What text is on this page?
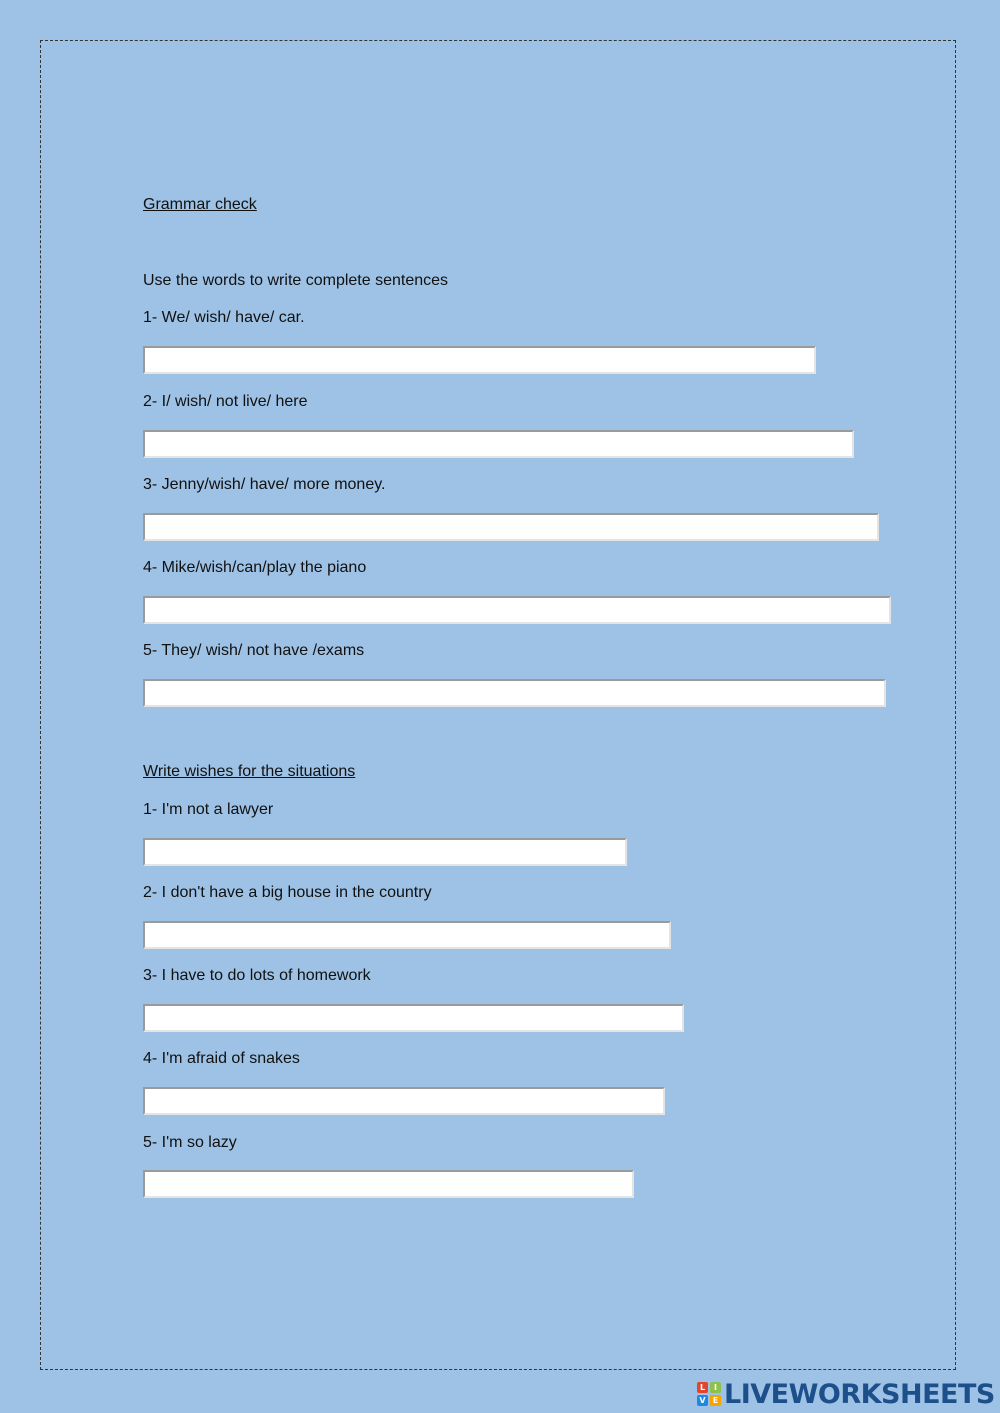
Grammar check
Use the words to write complete sentences
1- We/ wish/ have/ car.
2- I/ wish/ not live/ here
3- Jenny/wish/ have/ more money.
4- Mike/wish/can/play the piano
5- They/ wish/ not have /exams
Write wishes for the situations
1- I'm not a lawyer
2- I don't have a big house in the country
3- I have to do lots of homework
4- I'm afraid of snakes
5- I'm so lazy
L	I
V E LIVEWORKSHEETS
